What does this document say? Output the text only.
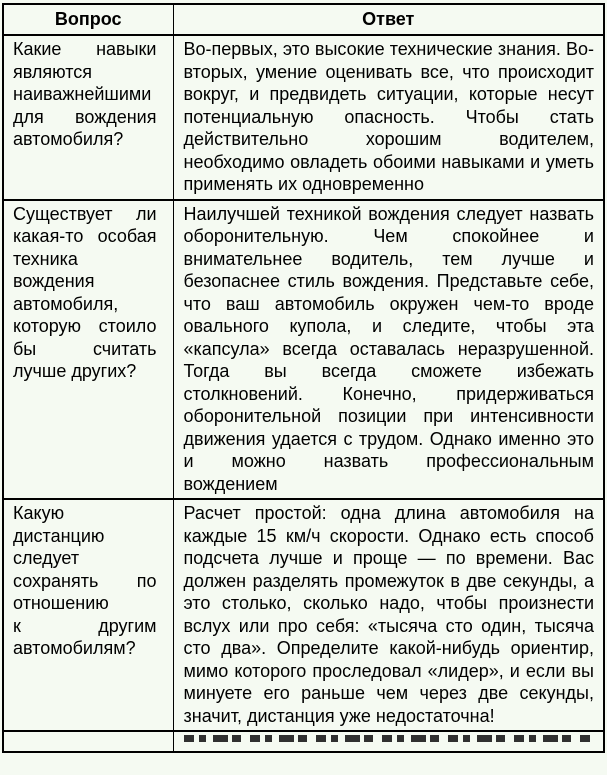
Вопрос	Ответ
Какие навыки являются наиважнейшими для вождения автомобиля?	Во-первых, это высокие технические знания. Во-вторых, умение оценивать все, что происходит вокруг, и предвидеть ситуации, которые несут потенциальную опасность. Чтобы стать действительно хорошим водителем, необходимо овладеть обоими навыками и уметь применять их одновременно
Существует ли какая-то особая техника вождения автомобиля, которую стоило бы считать лучше других?	Наилучшей техникой вождения следует назвать оборонительную. Чем спокойнее и внимательнее водитель, тем лучше и безопаснее стиль вождения. Представьте себе, что ваш автомобиль окружен чем-то вроде овального купола, и следите, чтобы эта «капсула» всегда оставалась неразрушенной. Тогда вы всегда сможете избежать столкновений. Конечно, придерживаться оборонительной позиции при интенсивности движения удается с трудом. Однако именно это и можно назвать профессиональным вождением
Какую дистанцию следует сохранять по отношению к другим автомобилям?	Расчет простой: одна длина автомобиля на каждые 15 км/ч скорости. Однако есть способ подсчета лучше и проще — по времени. Вас должен разделять промежуток в две секунды, а это столько, сколько надо, чтобы произнести вслух или про себя: «тысяча сто один, тысяча сто два». Определите какой-нибудь ориентир, мимо которого проследовал «лидер», и если вы минуете его раньше чем через две секунды, значит, дистанция уже недостаточна!
